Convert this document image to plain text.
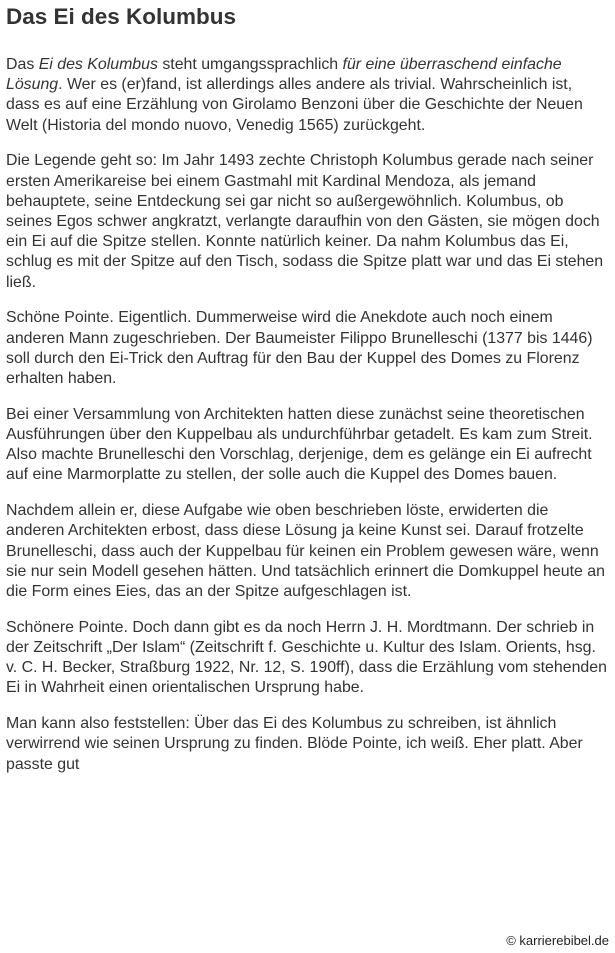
Das Ei des Kolumbus

Das Ei des Kolumbus steht umgangssprachlich für eine überraschend einfache Lösung. Wer es (er)fand, ist allerdings alles andere als trivial. Wahrscheinlich ist, dass es auf eine Erzählung von Girolamo Benzoni über die Geschichte der Neuen Welt (Historia del mondo nuovo, Venedig 1565) zurückgeht.

Die Legende geht so: Im Jahr 1493 zechte Christoph Kolumbus gerade nach seiner ersten Amerikareise bei einem Gastmahl mit Kardinal Mendoza, als jemand behauptete, seine Entdeckung sei gar nicht so außergewöhnlich. Kolumbus, ob seines Egos schwer angkratzt, verlangte daraufhin von den Gästen, sie mögen doch ein Ei auf die Spitze stellen. Konnte natürlich keiner. Da nahm Kolumbus das Ei, schlug es mit der Spitze auf den Tisch, sodass die Spitze platt war und das Ei stehen ließ.

Schöne Pointe. Eigentlich. Dummerweise wird die Anekdote auch noch einem anderen Mann zugeschrieben. Der Baumeister Filippo Brunelleschi (1377 bis 1446) soll durch den Ei-Trick den Auftrag für den Bau der Kuppel des Domes zu Florenz erhalten haben.

Bei einer Versammlung von Architekten hatten diese zunächst seine theoretischen Ausführungen über den Kuppelbau als undurchführbar getadelt. Es kam zum Streit. Also machte Brunelleschi den Vorschlag, derjenige, dem es gelänge ein Ei aufrecht auf eine Marmorplatte zu stellen, der solle auch die Kuppel des Domes bauen.

Nachdem allein er, diese Aufgabe wie oben beschrieben löste, erwiderten die anderen Architekten erbost, dass diese Lösung ja keine Kunst sei. Darauf frotzelte Brunelleschi, dass auch der Kuppelbau für keinen ein Problem gewesen wäre, wenn sie nur sein Modell gesehen hätten. Und tatsächlich erinnert die Domkuppel heute an die Form eines Eies, das an der Spitze aufgeschlagen ist.

Schönere Pointe. Doch dann gibt es da noch Herrn J. H. Mordtmann. Der schrieb in der Zeitschrift „Der Islam“ (Zeitschrift f. Geschichte u. Kultur des Islam. Orients, hsg. v. C. H. Becker, Straßburg 1922, Nr. 12, S. 190ff), dass die Erzählung vom stehenden Ei in Wahrheit einen orientalischen Ursprung habe.

Man kann also feststellen: Über das Ei des Kolumbus zu schreiben, ist ähnlich verwirrend wie seinen Ursprung zu finden. Blöde Pointe, ich weiß. Eher platt. Aber passte gut

© karrierebibel.de
